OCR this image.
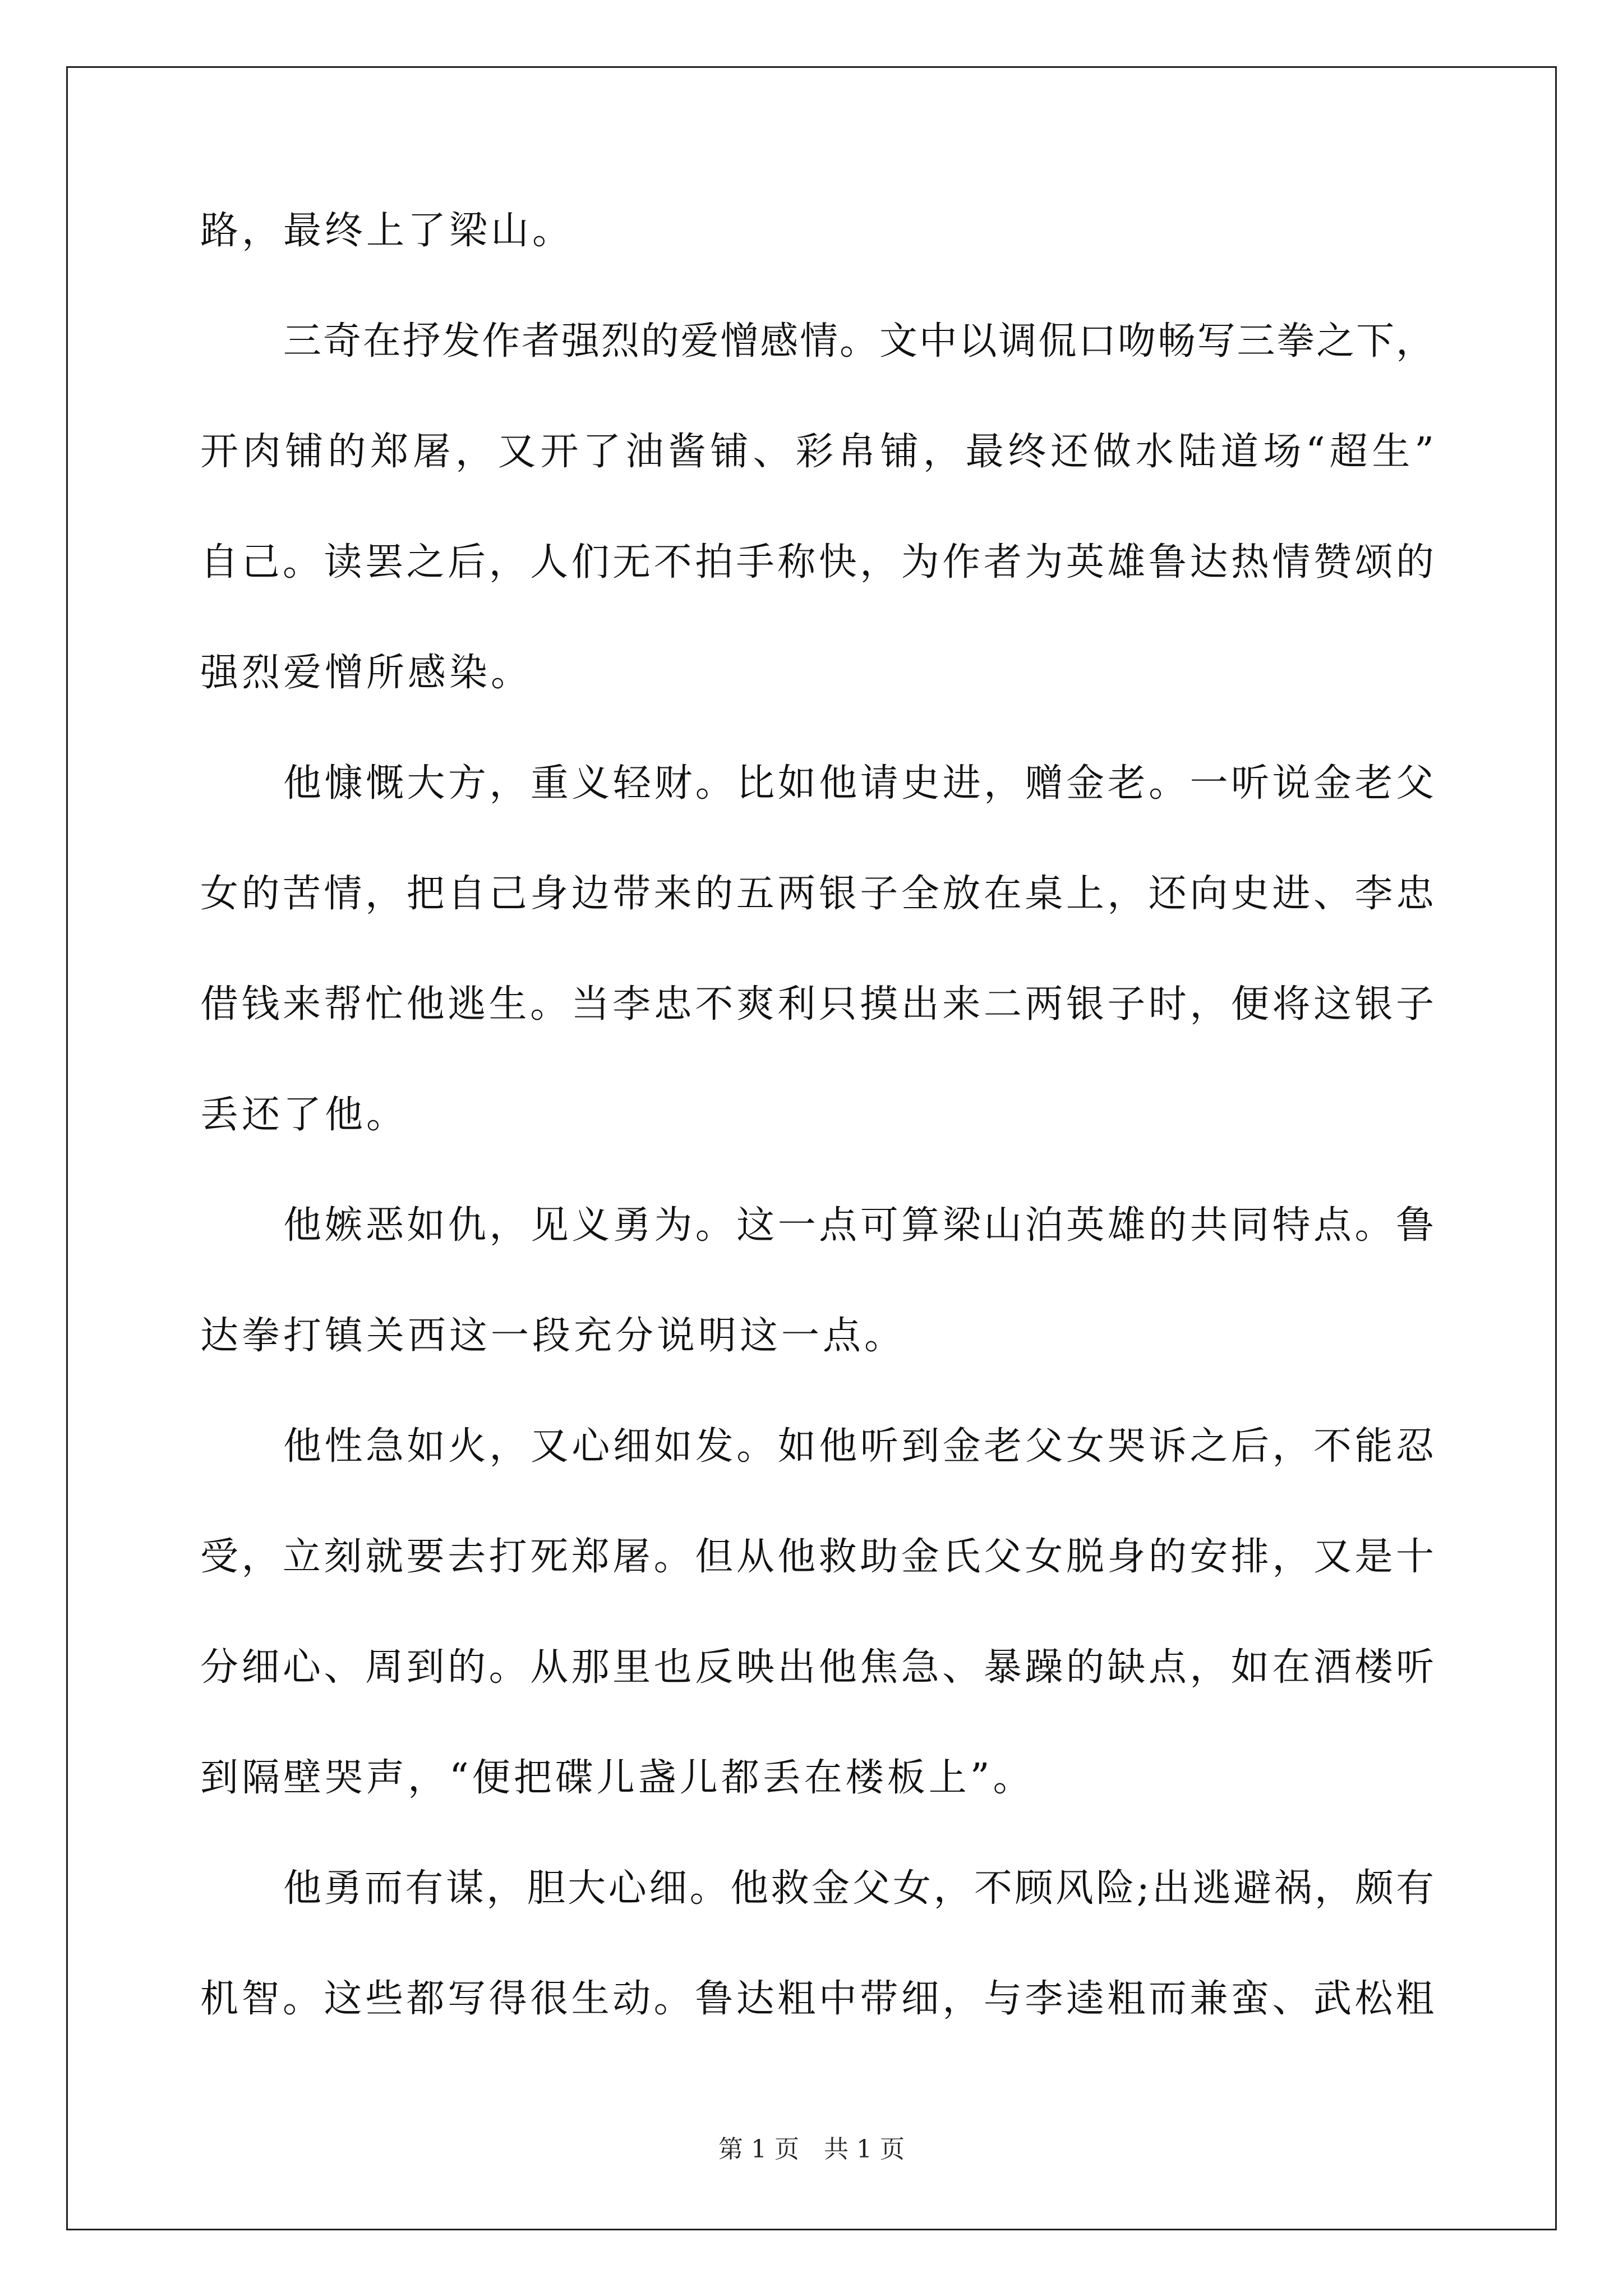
路，最终上了梁山。
三奇在抒发作者强烈的爱憎感情。文中以调侃口吻畅写三拳之下，
开肉铺的郑屠，又开了油酱铺、彩帛铺，最终还做水陆道场“超生”
自己。读罢之后，人们无不拍手称快，为作者为英雄鲁达热情赞颂的
强烈爱憎所感染。
他慷慨大方，重义轻财。比如他请史进，赠金老。一听说金老父
女的苦情，把自己身边带来的五两银子全放在桌上，还向史进、李忠
借钱来帮忙他逃生。当李忠不爽利只摸出来二两银子时，便将这银子
丢还了他。
他嫉恶如仇，见义勇为。这一点可算梁山泊英雄的共同特点。鲁
达拳打镇关西这一段充分说明这一点。
他性急如火，又心细如发。如他听到金老父女哭诉之后，不能忍
受，立刻就要去打死郑屠。但从他救助金氏父女脱身的安排，又是十
分细心、周到的。从那里也反映出他焦急、暴躁的缺点，如在酒楼听
到隔壁哭声，“便把碟儿盏儿都丢在楼板上”。
他勇而有谋，胆大心细。他救金父女，不顾风险;出逃避祸，颇有
机智。这些都写得很生动。鲁达粗中带细，与李逵粗而兼蛮、武松粗
第 1 页　共 1 页
